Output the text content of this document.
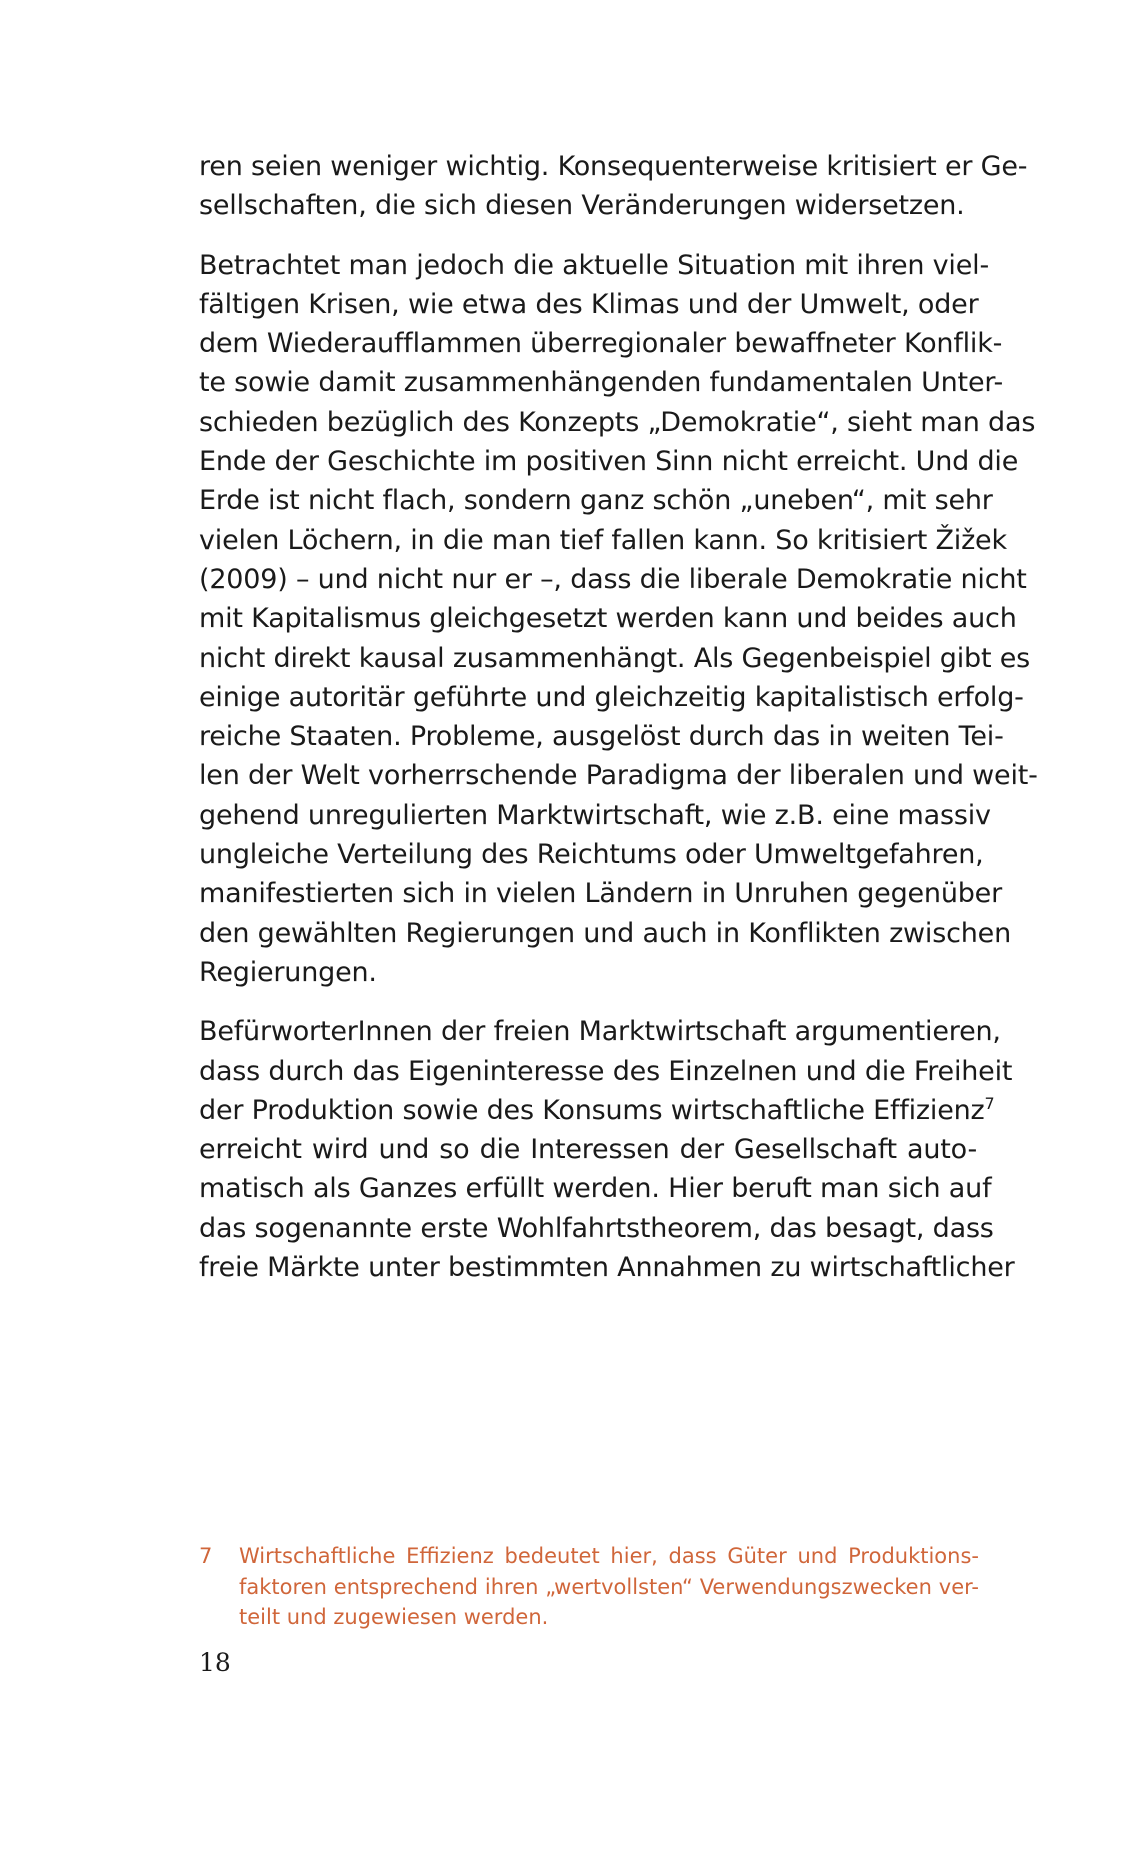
ren seien weniger wichtig. Konsequenterweise kritisiert er Ge-
sellschaften, die sich diesen Veränderungen widersetzen.
Betrachtet man jedoch die aktuelle Situation mit ihren viel-
fältigen Krisen, wie etwa des Klimas und der Umwelt, oder
dem Wiederaufflammen überregionaler bewaffneter Konflik-
te sowie damit zusammenhängenden fundamentalen Unter-
schieden bezüglich des Konzepts „Demokratie“, sieht man das
Ende der Geschichte im positiven Sinn nicht erreicht. Und die
Erde ist nicht flach, sondern ganz schön „uneben“, mit sehr
vielen Löchern, in die man tief fallen kann. So kritisiert Žižek
(2009) – und nicht nur er –, dass die liberale Demokratie nicht
mit Kapitalismus gleichgesetzt werden kann und beides auch
nicht direkt kausal zusammenhängt. Als Gegenbeispiel gibt es
einige autoritär geführte und gleichzeitig kapitalistisch erfolg-
reiche Staaten. Probleme, ausgelöst durch das in weiten Tei-
len der Welt vorherrschende Paradigma der liberalen und weit-
gehend unregulierten Marktwirtschaft, wie z.B. eine massiv
ungleiche Verteilung des Reichtums oder Umweltgefahren,
manifestierten sich in vielen Ländern in Unruhen gegenüber
den gewählten Regierungen und auch in Konflikten zwischen
Regierungen.
BefürworterInnen der freien Marktwirtschaft argumentieren,
dass durch das Eigeninteresse des Einzelnen und die Freiheit
der Produktion sowie des Konsums wirtschaftliche Effizienz$^7$
erreicht wird und so die Interessen der Gesellschaft auto-
matisch als Ganzes erfüllt werden. Hier beruft man sich auf
das sogenannte erste Wohlfahrtstheorem, das besagt, dass
freie Märkte unter bestimmten Annahmen zu wirtschaftlicher
7 Wirtschaftliche Effizienz bedeutet hier, dass Güter und Produktions-
faktoren entsprechend ihren „wertvollsten“ Verwendungszwecken ver-
teilt und zugewiesen werden.
18
